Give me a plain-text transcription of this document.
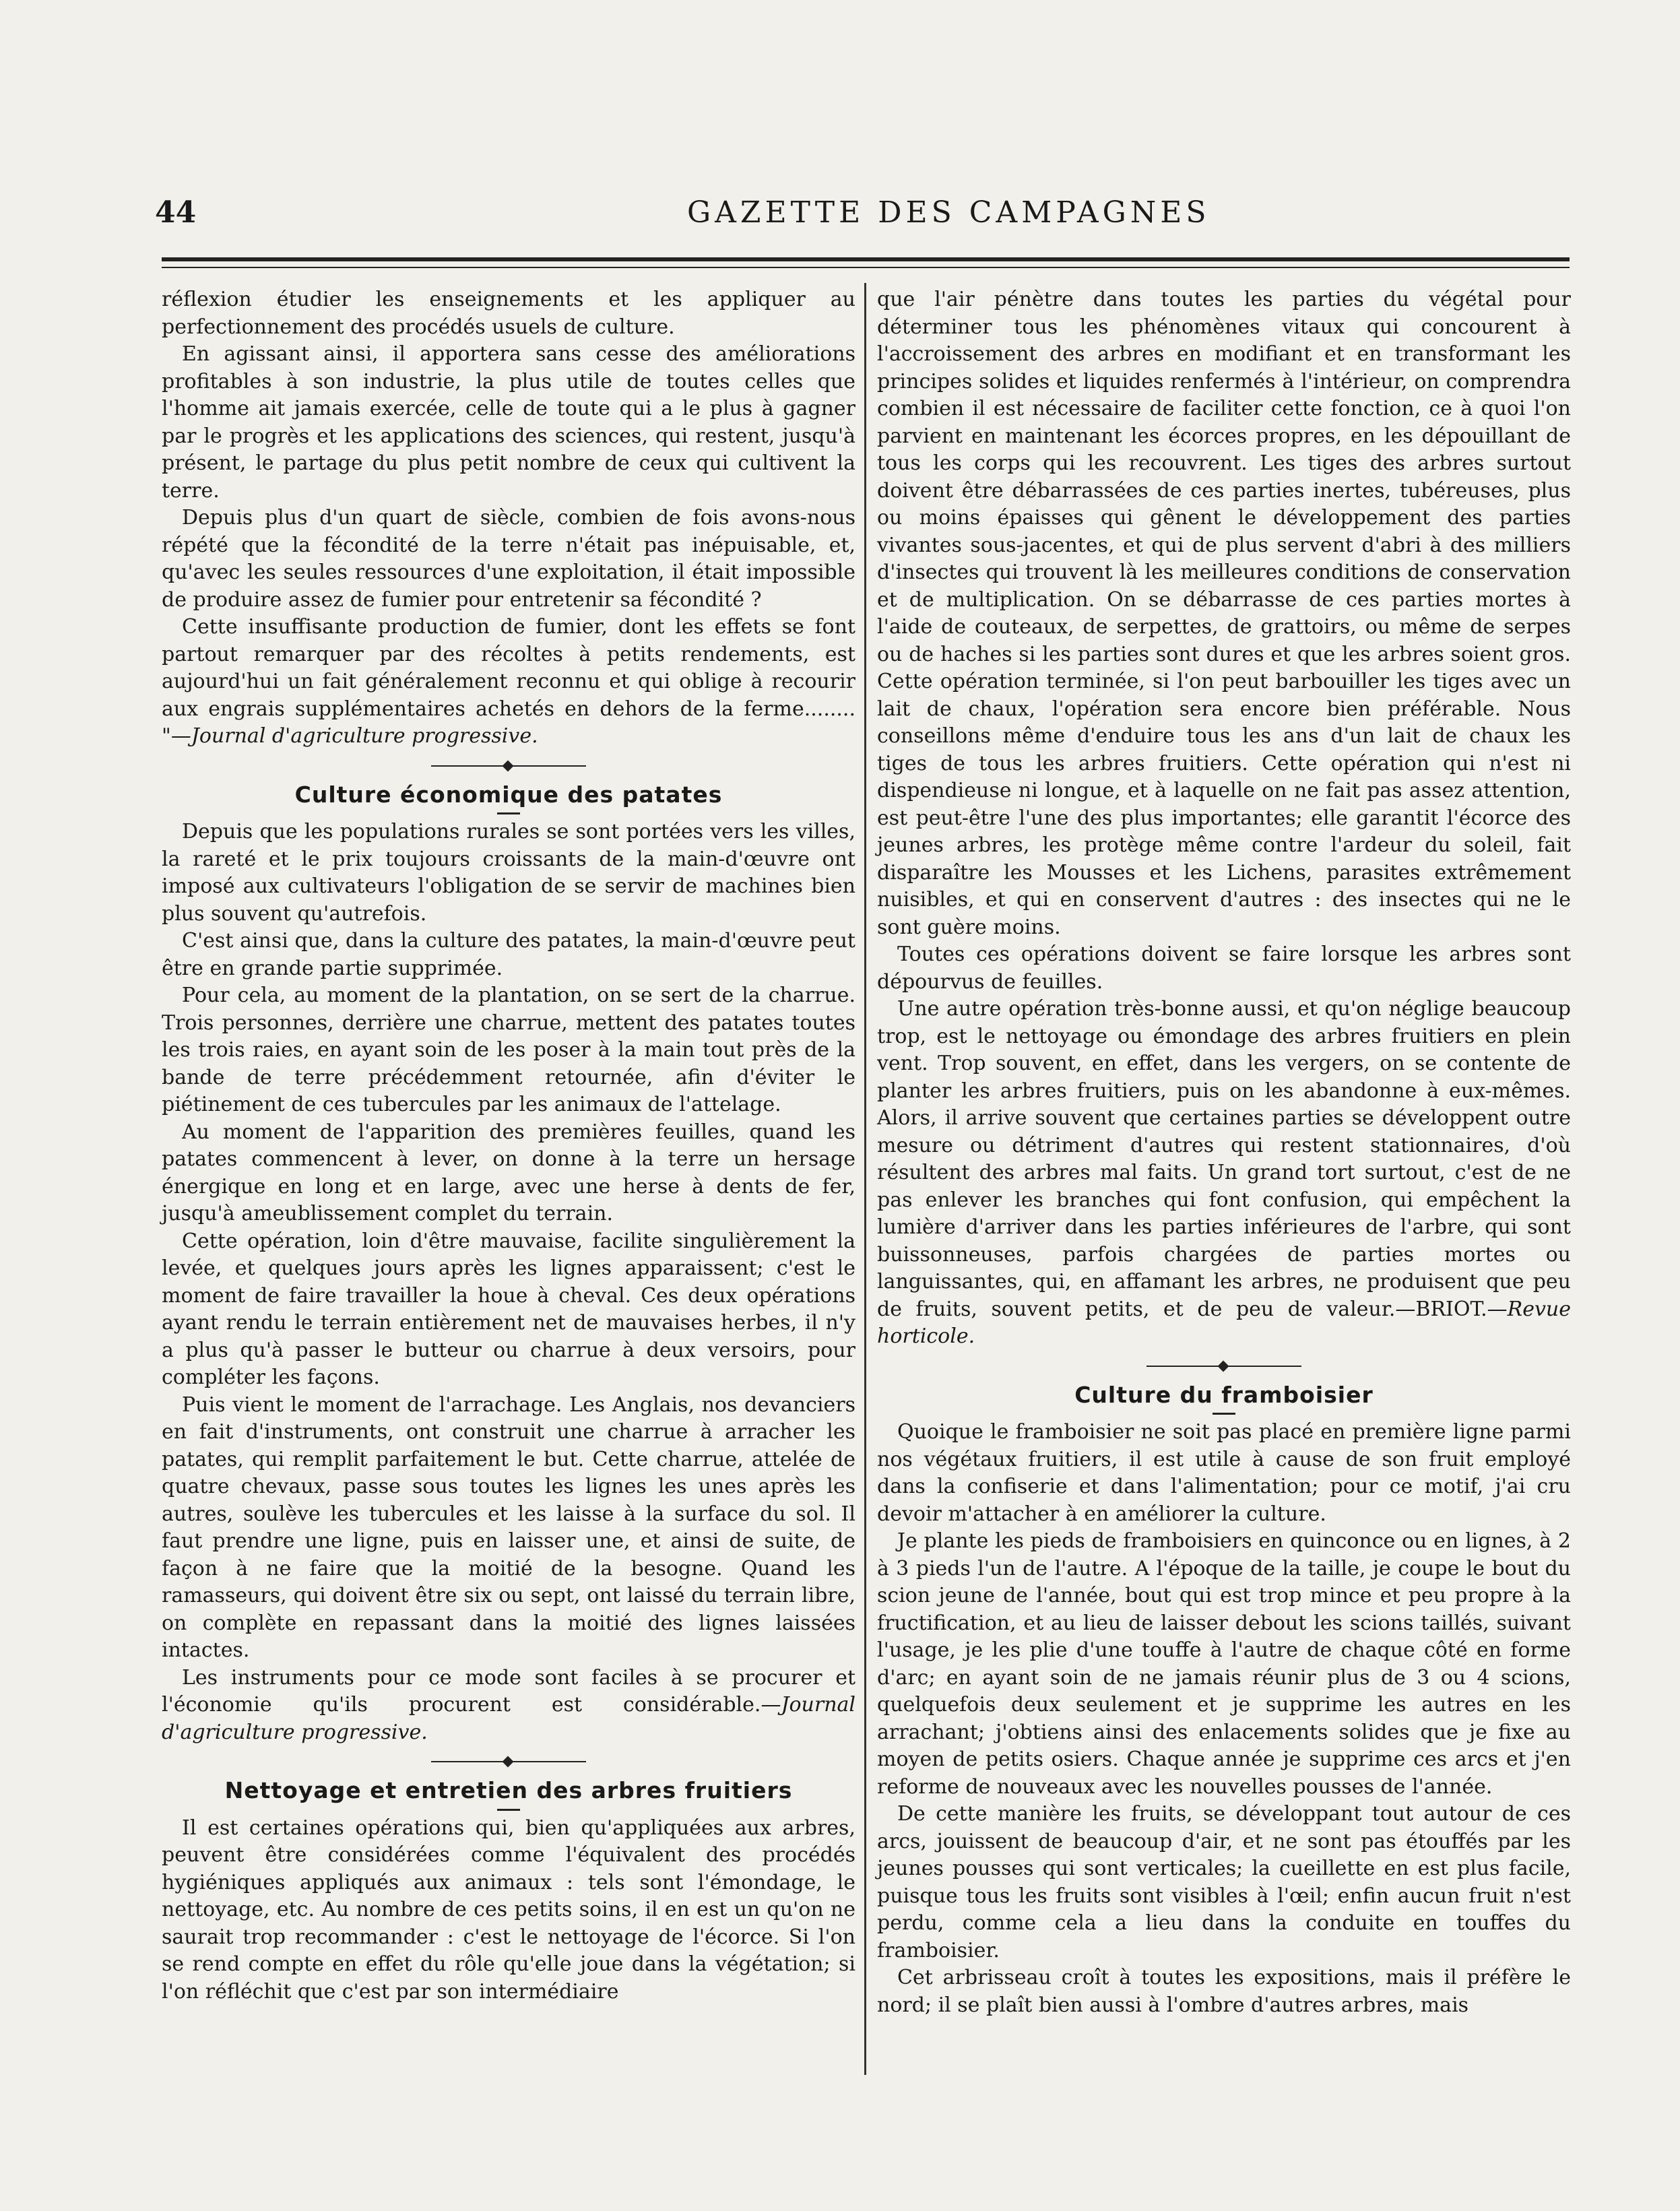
44	GAZETTE DES CAMPAGNES

réflexion étudier les enseignements et les appliquer au perfectionnement des procédés usuels de culture.

En agissant ainsi, il apportera sans cesse des améliorations profitables à son industrie, la plus utile de toutes celles que l'homme ait jamais exercée, celle de toute qui a le plus à gagner par le progrès et les applications des sciences, qui restent, jusqu'à présent, le partage du plus petit nombre de ceux qui cultivent la terre.

Depuis plus d'un quart de siècle, combien de fois avons-nous répété que la fécondité de la terre n'était pas inépuisable, et, qu'avec les seules ressources d'une exploitation, il était impossible de produire assez de fumier pour entretenir sa fécondité ?

Cette insuffisante production de fumier, dont les effets se font partout remarquer par des récoltes à petits rendements, est aujourd'hui un fait généralement reconnu et qui oblige à recourir aux engrais supplémentaires achetés en dehors de la ferme........ "—Journal d'agriculture progressive.

Culture économique des patates

Depuis que les populations rurales se sont portées vers les villes, la rareté et le prix toujours croissants de la main-d'œuvre ont imposé aux cultivateurs l'obligation de se servir de machines bien plus souvent qu'autrefois.

C'est ainsi que, dans la culture des patates, la main-d'œuvre peut être en grande partie supprimée.

Pour cela, au moment de la plantation, on se sert de la charrue. Trois personnes, derrière une charrue, mettent des patates toutes les trois raies, en ayant soin de les poser à la main tout près de la bande de terre précédemment retournée, afin d'éviter le piétinement de ces tubercules par les animaux de l'attelage.

Au moment de l'apparition des premières feuilles, quand les patates commencent à lever, on donne à la terre un hersage énergique en long et en large, avec une herse à dents de fer, jusqu'à ameublissement complet du terrain.

Cette opération, loin d'être mauvaise, facilite singulièrement la levée, et quelques jours après les lignes apparaissent; c'est le moment de faire travailler la houe à cheval. Ces deux opérations ayant rendu le terrain entièrement net de mauvaises herbes, il n'y a plus qu'à passer le butteur ou charrue à deux versoirs, pour compléter les façons.

Puis vient le moment de l'arrachage. Les Anglais, nos devanciers en fait d'instruments, ont construit une charrue à arracher les patates, qui remplit parfaitement le but. Cette charrue, attelée de quatre chevaux, passe sous toutes les lignes les unes après les autres, soulève les tubercules et les laisse à la surface du sol. Il faut prendre une ligne, puis en laisser une, et ainsi de suite, de façon à ne faire que la moitié de la besogne. Quand les ramasseurs, qui doivent être six ou sept, ont laissé du terrain libre, on complète en repassant dans la moitié des lignes laissées intactes.

Les instruments pour ce mode sont faciles à se procurer et l'économie qu'ils procurent est considérable.—Journal d'agriculture progressive.

Nettoyage et entretien des arbres fruitiers

Il est certaines opérations qui, bien qu'appliquées aux arbres, peuvent être considérées comme l'équivalent des procédés hygiéniques appliqués aux animaux : tels sont l'émondage, le nettoyage, etc. Au nombre de ces petits soins, il en est un qu'on ne saurait trop recommander : c'est le nettoyage de l'écorce. Si l'on se rend compte en effet du rôle qu'elle joue dans la végétation; si l'on réfléchit que c'est par son intermédiaire

que l'air pénètre dans toutes les parties du végétal pour déterminer tous les phénomènes vitaux qui concourent à l'accroissement des arbres en modifiant et en transformant les principes solides et liquides renfermés à l'intérieur, on comprendra combien il est nécessaire de faciliter cette fonction, ce à quoi l'on parvient en maintenant les écorces propres, en les dépouillant de tous les corps qui les recouvrent. Les tiges des arbres surtout doivent être débarrassées de ces parties inertes, tubéreuses, plus ou moins épaisses qui gênent le développement des parties vivantes sous-jacentes, et qui de plus servent d'abri à des milliers d'insectes qui trouvent là les meilleures conditions de conservation et de multiplication. On se débarrasse de ces parties mortes à l'aide de couteaux, de serpettes, de grattoirs, ou même de serpes ou de haches si les parties sont dures et que les arbres soient gros. Cette opération terminée, si l'on peut barbouiller les tiges avec un lait de chaux, l'opération sera encore bien préférable. Nous conseillons même d'enduire tous les ans d'un lait de chaux les tiges de tous les arbres fruitiers. Cette opération qui n'est ni dispendieuse ni longue, et à laquelle on ne fait pas assez attention, est peut-être l'une des plus importantes; elle garantit l'écorce des jeunes arbres, les protège même contre l'ardeur du soleil, fait disparaître les Mousses et les Lichens, parasites extrêmement nuisibles, et qui en conservent d'autres : des insectes qui ne le sont guère moins.

Toutes ces opérations doivent se faire lorsque les arbres sont dépourvus de feuilles.

Une autre opération très-bonne aussi, et qu'on néglige beaucoup trop, est le nettoyage ou émondage des arbres fruitiers en plein vent. Trop souvent, en effet, dans les vergers, on se contente de planter les arbres fruitiers, puis on les abandonne à eux-mêmes. Alors, il arrive souvent que certaines parties se développent outre mesure ou détriment d'autres qui restent stationnaires, d'où résultent des arbres mal faits. Un grand tort surtout, c'est de ne pas enlever les branches qui font confusion, qui empêchent la lumière d'arriver dans les parties inférieures de l'arbre, qui sont buissonneuses, parfois chargées de parties mortes ou languissantes, qui, en affamant les arbres, ne produisent que peu de fruits, souvent petits, et de peu de valeur.—BRIOT.—Revue horticole.

Culture du framboisier

Quoique le framboisier ne soit pas placé en première ligne parmi nos végétaux fruitiers, il est utile à cause de son fruit employé dans la confiserie et dans l'alimentation; pour ce motif, j'ai cru devoir m'attacher à en améliorer la culture.

Je plante les pieds de framboisiers en quinconce ou en lignes, à 2 à 3 pieds l'un de l'autre. A l'époque de la taille, je coupe le bout du scion jeune de l'année, bout qui est trop mince et peu propre à la fructification, et au lieu de laisser debout les scions taillés, suivant l'usage, je les plie d'une touffe à l'autre de chaque côté en forme d'arc; en ayant soin de ne jamais réunir plus de 3 ou 4 scions, quelquefois deux seulement et je supprime les autres en les arrachant; j'obtiens ainsi des enlacements solides que je fixe au moyen de petits osiers. Chaque année je supprime ces arcs et j'en reforme de nouveaux avec les nouvelles pousses de l'année.

De cette manière les fruits, se développant tout autour de ces arcs, jouissent de beaucoup d'air, et ne sont pas étouffés par les jeunes pousses qui sont verticales; la cueillette en est plus facile, puisque tous les fruits sont visibles à l'œil; enfin aucun fruit n'est perdu, comme cela a lieu dans la conduite en touffes du framboisier.

Cet arbrisseau croît à toutes les expositions, mais il préfère le nord; il se plaît bien aussi à l'ombre d'autres arbres, mais
